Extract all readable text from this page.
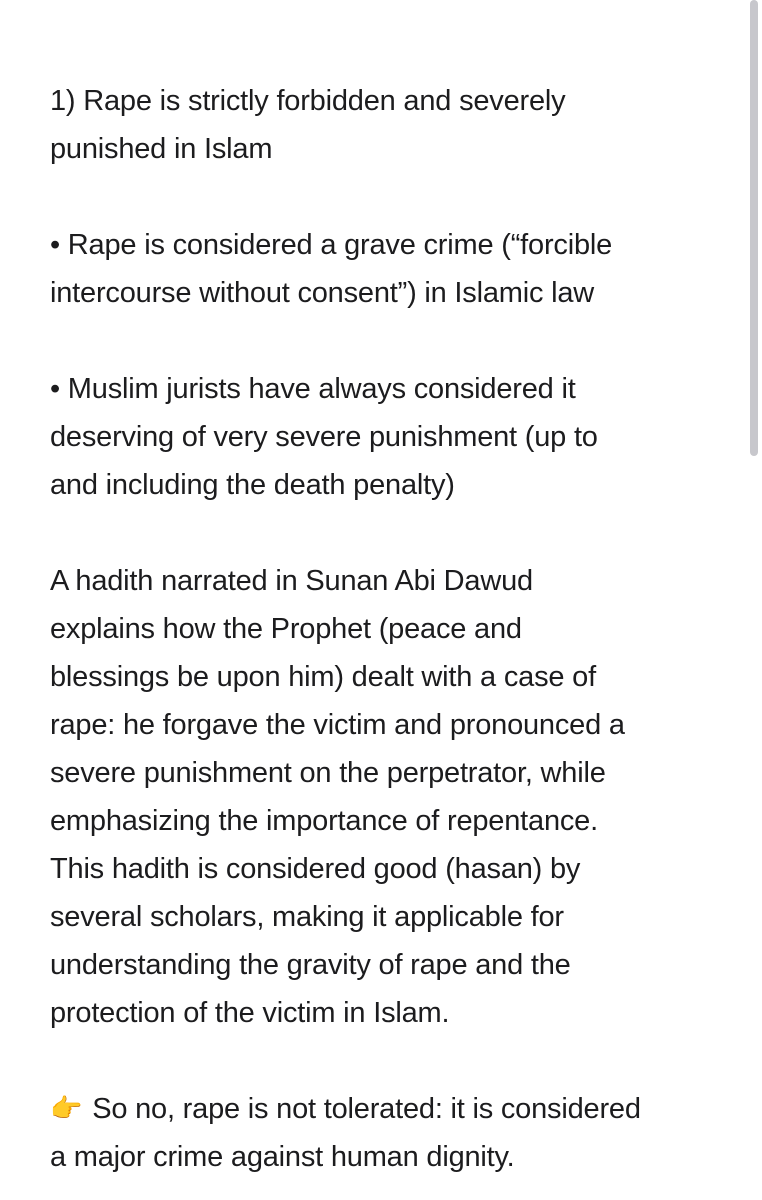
1) Rape is strictly forbidden and severely
punished in Islam
• Rape is considered a grave crime (“forcible
intercourse without consent”) in Islamic law
• Muslim jurists have always considered it
deserving of very severe punishment (up to
and including the death penalty)
A hadith narrated in Sunan Abi Dawud
explains how the Prophet (peace and
blessings be upon him) dealt with a case of
rape: he forgave the victim and pronounced a
severe punishment on the perpetrator, while
emphasizing the importance of repentance.
This hadith is considered good (hasan) by
several scholars, making it applicable for
understanding the gravity of rape and the
protection of the victim in Islam.
👉 So no, rape is not tolerated: it is considered
a major crime against human dignity.
